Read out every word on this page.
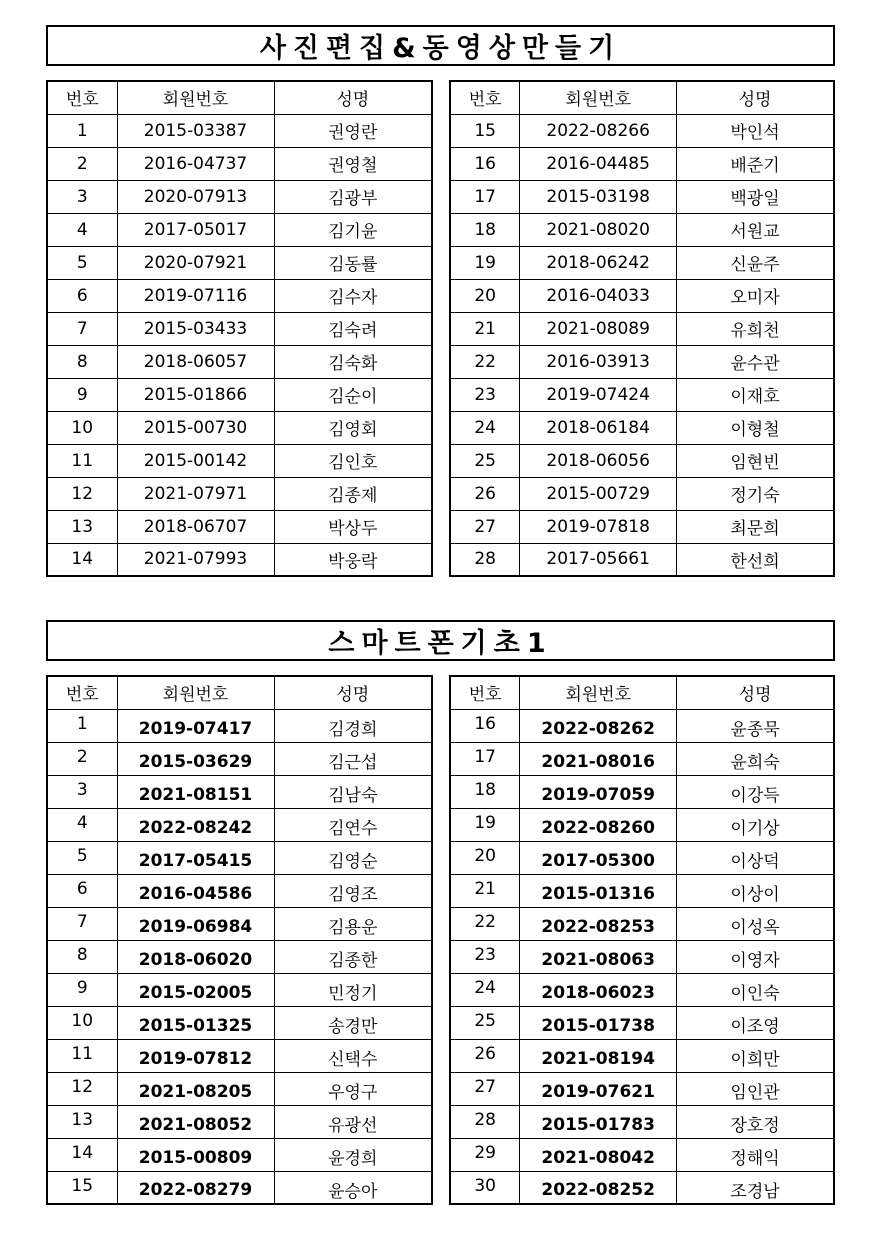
사진편집&동영상만들기
번호	회원번호	성명
1	2015-03387	권영란
2	2016-04737	권영철
3	2020-07913	김광부
4	2017-05017	김기윤
5	2020-07921	김동률
6	2019-07116	김수자
7	2015-03433	김숙려
8	2018-06057	김숙화
9	2015-01866	김순이
10	2015-00730	김영회
11	2015-00142	김인호
12	2021-07971	김종제
13	2018-06707	박상두
14	2021-07993	박웅락
번호	회원번호	성명
15	2022-08266	박인석
16	2016-04485	배준기
17	2015-03198	백광일
18	2021-08020	서원교
19	2018-06242	신윤주
20	2016-04033	오미자
21	2021-08089	유희천
22	2016-03913	윤수관
23	2019-07424	이재호
24	2018-06184	이형철
25	2018-06056	임현빈
26	2015-00729	정기숙
27	2019-07818	최문희
28	2017-05661	한선희
스마트폰기초1
번호	회원번호	성명
1	2019-07417	김경희
2	2015-03629	김근섭
3	2021-08151	김남숙
4	2022-08242	김연수
5	2017-05415	김영순
6	2016-04586	김영조
7	2019-06984	김용운
8	2018-06020	김종한
9	2015-02005	민정기
10	2015-01325	송경만
11	2019-07812	신택수
12	2021-08205	우영구
13	2021-08052	유광선
14	2015-00809	윤경희
15	2022-08279	윤승아
번호	회원번호	성명
16	2022-08262	윤종묵
17	2021-08016	윤희숙
18	2019-07059	이강득
19	2022-08260	이기상
20	2017-05300	이상덕
21	2015-01316	이상이
22	2022-08253	이성옥
23	2021-08063	이영자
24	2018-06023	이인숙
25	2015-01738	이조영
26	2021-08194	이희만
27	2019-07621	임인관
28	2015-01783	장호정
29	2021-08042	정해익
30	2022-08252	조경남
